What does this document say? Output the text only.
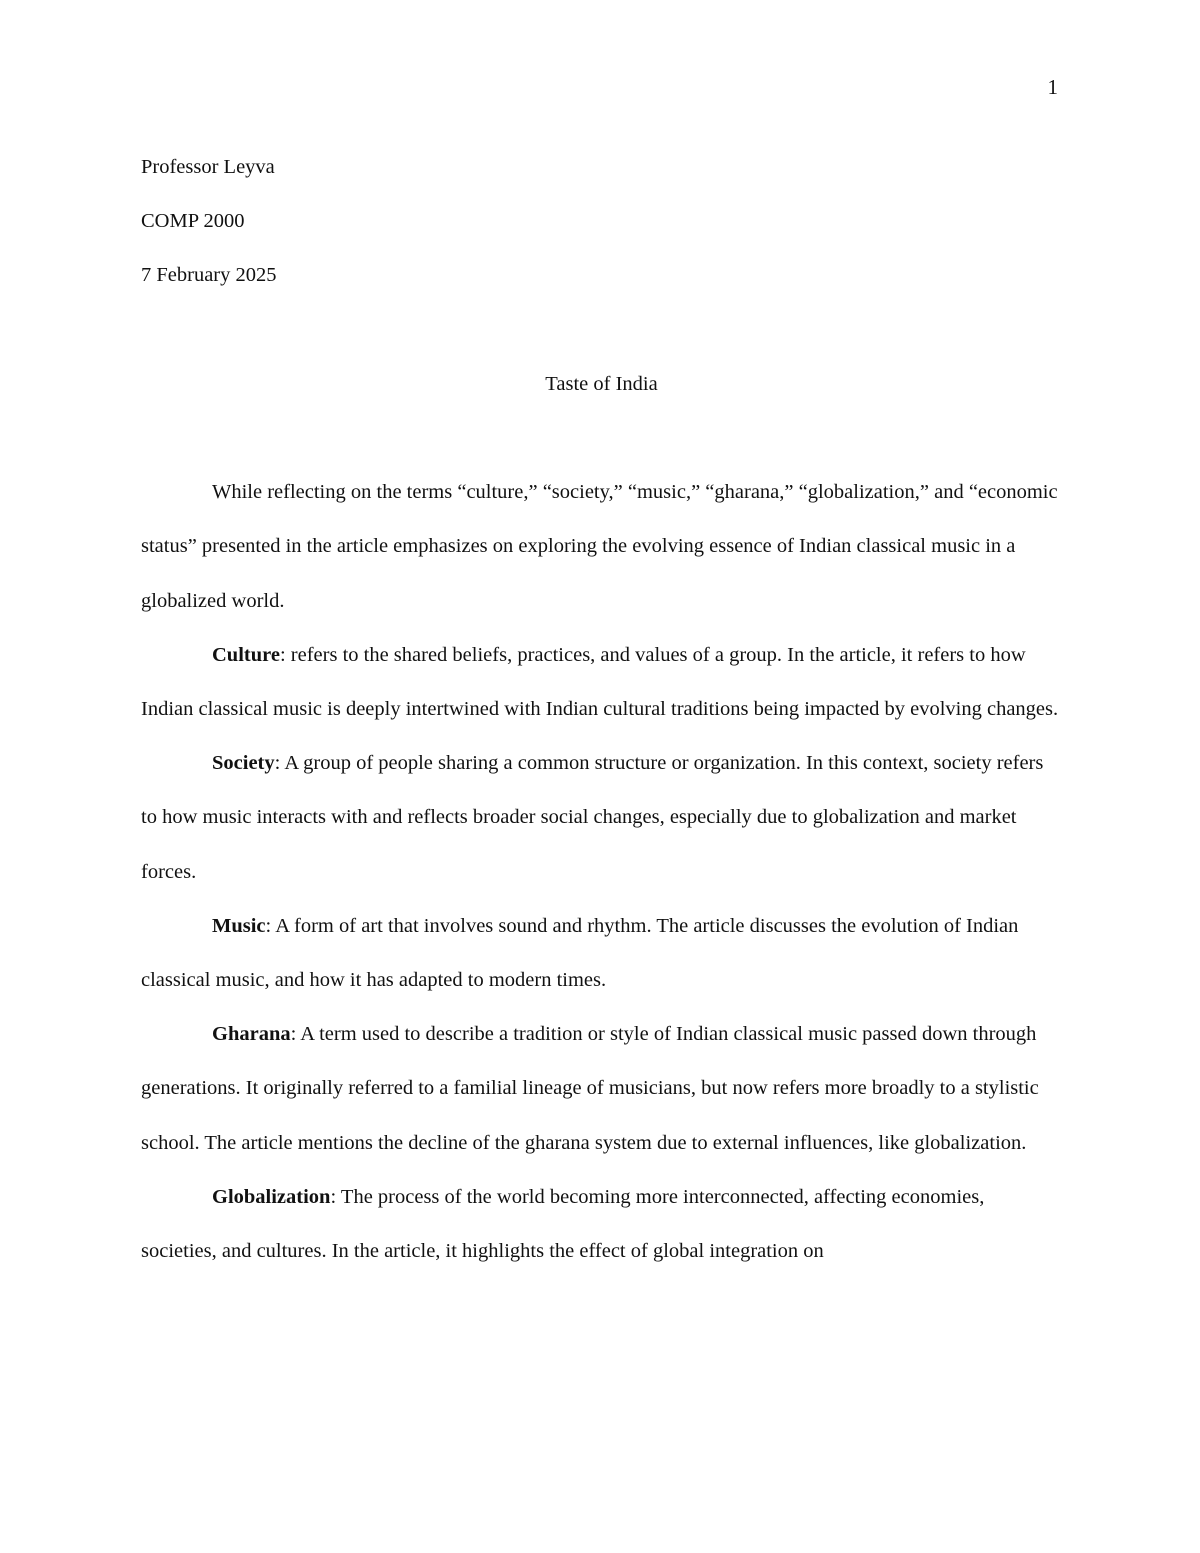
1
Professor Leyva
COMP 2000
7 February 2025
Taste of India

While reflecting on the terms “culture,” “society,” “music,” “gharana,” “globalization,” and “economic status” presented in the article emphasizes on exploring the evolving essence of Indian classical music in a globalized world.

Culture: refers to the shared beliefs, practices, and values of a group. In the article, it refers to how Indian classical music is deeply intertwined with Indian cultural traditions being impacted by evolving changes.

Society: A group of people sharing a common structure or organization. In this context, society refers to how music interacts with and reflects broader social changes, especially due to globalization and market forces.

Music: A form of art that involves sound and rhythm. The article discusses the evolution of Indian classical music, and how it has adapted to modern times.

Gharana: A term used to describe a tradition or style of Indian classical music passed down through generations. It originally referred to a familial lineage of musicians, but now refers more broadly to a stylistic school. The article mentions the decline of the gharana system due to external influences, like globalization.

Globalization: The process of the world becoming more interconnected, affecting economies, societies, and cultures. In the article, it highlights the effect of global integration on
